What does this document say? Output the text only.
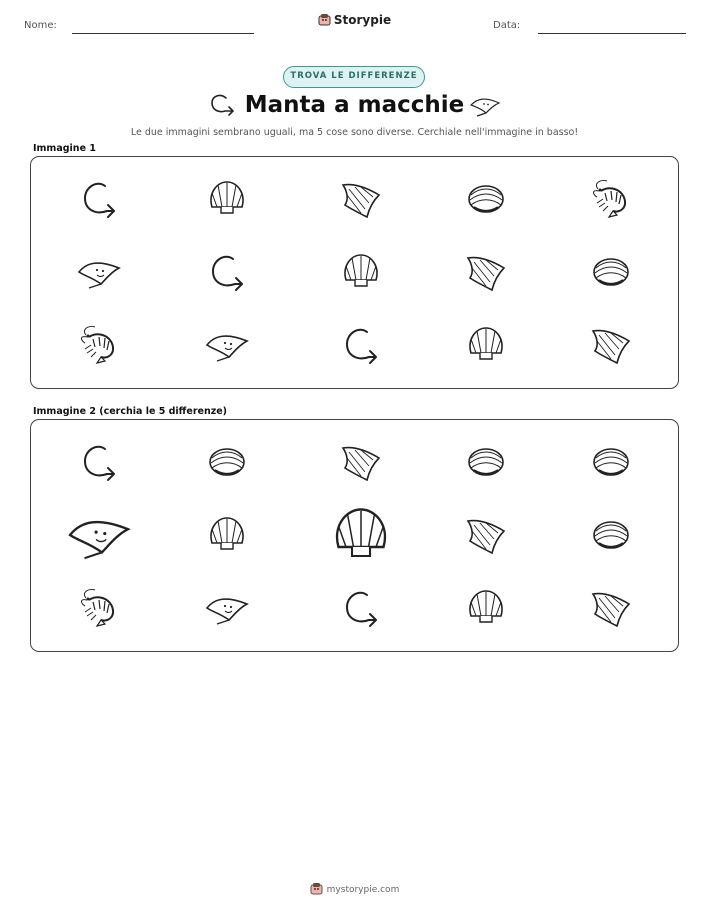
Nome:	Storypie	Data:
TROVA LE DIFFERENZE
Manta a macchie
Le due immagini sembrano uguali, ma 5 cose sono diverse. Cerchiale nell'immagine in basso!
Immagine 1
Immagine 2 (cerchia le 5 differenze)
mystorypie.com
